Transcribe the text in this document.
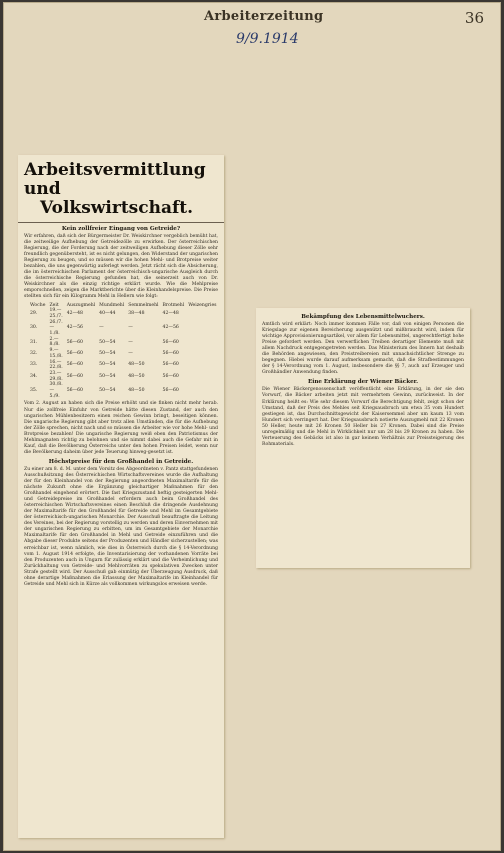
Arbeiterzeitung	36
9/9.1914
Arbeitsvermittlung und
Volkswirtschaft.
Kein zollfreier Eingang von Getreide?
Wir erfahren, daß sich der Bürgermeister Dr. Weiskirchner vergeblich bemüht hat, die zeitweilige Aufhebung der Getreidezölle zu erwirken. Der österreichischen Regierung, die der Forderung nach der zeitweiligen Aufhebung dieser Zölle sehr freundlich gegenübersteht, ist es nicht gelungen, den Widerstand der ungarischen Regierung zu beugen, und so müssen wir die hohen Mehl- und Brotpreise weiter bezahlen, die uns gegenwärtig auferlegt werden. Jetzt rächt sich die Absicherung, die im österreichischen Parlament der österreichisch-ungarische Ausgleich durch die österreichische Regierung gefunden hat, die seinerzeit auch von Dr. Weiskirchner als die einzig richtige erklärt wurde. Wie die Mehlpreise emporschnellen, zeigen die Marktberichte über die Kleinhandelspreise. Die Preise stellten sich für ein Kilogramm Mehl in Hellern wie folgt:
Woche	Zeit	Auszugmehl	Mundmehl	Semmelmehl	Brotmehl	Weizengries
29.	19.—25./7.	42—48	40—44	38—48	42—48	
30.	26./7.—1./8.	42—56	—	—	42—56	
31.	2.—8./8.	56—60	50—54	—	56—60	
32.	9.—15./8.	56—60	50—54	—	56—60	
33.	16.—22./8.	56—60	50—54	48—50	56—60	
34.	23.—29./8.	56—60	50—54	48—50	56—60	
35.	30./8.—5./9.	56—60	50—54	48—50	56—60	
Vom 2. August an haben sich die Preise erhöht und sie finken nicht mehr herab. Nur die zollfreie Einfuhr von Getreide hätte diesen Zustand, der auch den ungarischen Mühlenbesitzern einen reichen Gewinn bringt, beseitigen können. Die ungarische Regierung gibt aber trotz allen Umständen, die für die Aufhebung der Zölle sprechen, nicht nach und so müssen die Arbeiter wie vor hohe Mehl- und Brotpreise bezahlen! Die ungarische Regierung weiß eben den Patriotismus der Mehlmagnaten richtig zu belohnen und sie nimmt dabei auch die Gefahr mit in Kauf, daß die Bevölkerung Österreichs unter den hohen Preisen leidet, wenn nur die Bevölkerung daheim über jede Teuerung hinweg-gesetzt ist.
Höchstpreise für den Großhandel in Getreide.
Zu einer am 8. d. M. unter dem Vorsitz des Abgeordneten v. Pantz stattgefundenen Ausschußsitzung des Österreichischen Wirtschaftsvereines wurde die Aufhaltung der für den Kleinhandel von der Regierung angeordneten Maximaltarife für die nächste Zukunft ohne die Ergänzung gleichartiger Maßnahmen für den Großhandel eingehend erörtert. Die fast Kriegszustand heftig gesteigerten Mehl- und Getreidepreise im Großhandel erfordern auch beim Großhandel des österreichischen Wirtschaftsvereines einen Beschluß die dringende Ausdehnung der Maximaltarife für den Großhandel für Getreide und Mehl im Gesamtgebiete der österreichisch-ungarischen Monarchie. Der Ausschuß beauftragte die Leitung des Vereines, bei der Regierung vorstellig zu werden und deren Einvernehmen mit der ungarischen Regierung zu erbitten, um im Gesamtgebiete der Monarchie Maximaltarife für den Großhandel in Mehl und Getreide einzuführen und die Abgabe dieser Produkte seitens der Produzenten und Händler sicherzustellen; was erreichbar ist, wenn nämlich, wie dies in Österreich durch die § 14-Verordnung vom 1. August 1914 erfolgte, die Inventarisierung der vorhandenen Vorräte bei den Produzenten auch in Ungarn für zulässig erklärt und die Verheimlichung und Zurückhaltung von Getreide- und Mehlvorräten zu spekulativen Zwecken unter Strafe gestellt wird. Der Ausschuß gab einmütig der Überzeugung Ausdruck, daß ohne derartige Maßnahmen die Erlassung der Maximaltarife im Kleinhandel für Getreide und Mehl sich in Kürze als vollkommen wirkungslos erweisen werde.
Bekämpfung des Lebensmittelwuchers.
Amtlich wird erklärt: Noch immer kommen Fälle vor, daß von einigen Personen die Kriegslage zur eigenen Bereicherung ausgenützt und mißbraucht wird, indem für wichtige Approvisionierungsartikel, vor allem für Lebensmittel, ungerechtfertigt hohe Preise gefordert werden. Den verwerflichen Treiben derartiger Elemente muß mit allem Nachdruck entgegengetreten werden. Das Ministerium des Innern hat deshalb die Behörden angewiesen, den Preistreibereien mit unnachsichtlicher Strenge zu begegnen. Hiebei wurde darauf aufmerksam gemacht, daß die Strafbestimmungen der § 14-Verordnung vom 1. August, insbesondere die §§ 7, auch auf Erzeuger und Großhändler Anwendung finden.
Eine Erklärung der Wiener Bäcker.
Die Wiener Bäckergenossenschaft veröffentlicht eine Erklärung, in der sie den Vorwurf, die Bäcker arbeiten jetzt mit vermehrtem Gewinn, zurückweist. In der Erklärung heißt es: Wie sehr diesem Vorwurf die Berechtigung fehlt, zeigt schon der Umstand, daß der Preis des Mehles seit Kriegsausbruch um etwa 35 vom Hundert gestiegen ist, das Durchschnittsgewicht der Kaisersemmel aber um kaum 13 vom Hundert sich verringert hat. Der Kriegsausbruch notierte Auszugmehl mit 22 Kronen 50 Heller, heute mit 26 Kronen 50 Heller bis 27 Kronen. Dabei sind die Preise unregelmäßig und die Mehl in Wirklichkeit nur um 28 bis 29 Kronen zu haben. Die Verteuerung des Gebäcks ist also in gar keinem Verhältnis zur Preissteigerung des Rohmaterials.
